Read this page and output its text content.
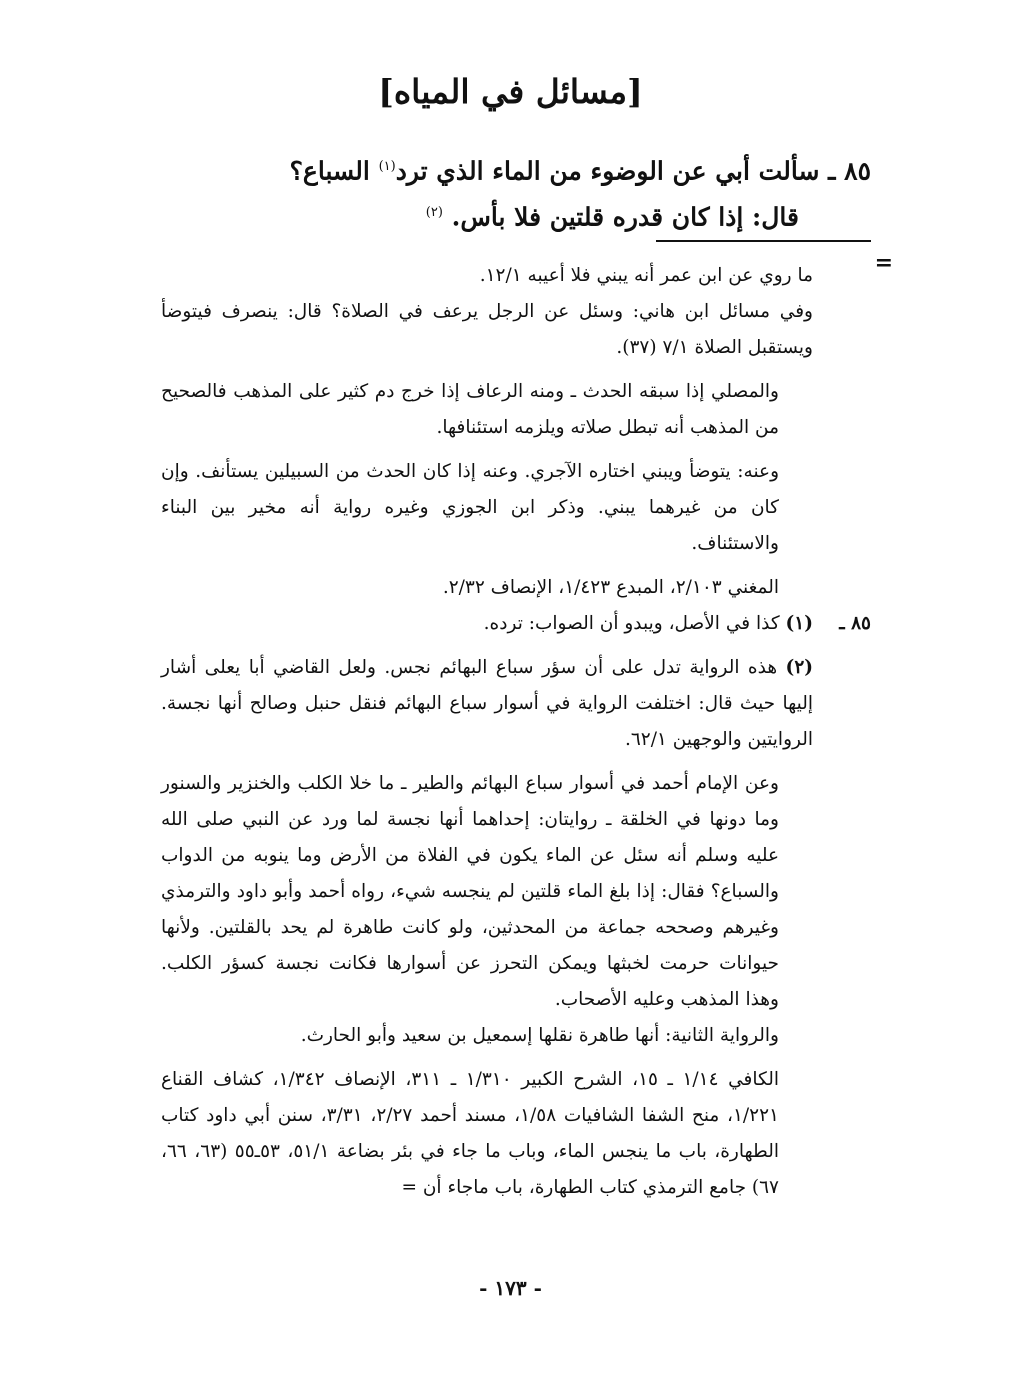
[مسائل في المياه]
٨٥ ـ سألت أبي عن الوضوء من الماء الذي ترد$^{(١)}$ السباع؟
قال: إذا كان قدره قلتين فلا بأس. $^{(٢)}$
=

ما روي عن ابن عمر أنه يبني فلا أعيبه ١٢/١.

وفي مسائل ابن هاني: وسئل عن الرجل يرعف في الصلاة؟ قال: ينصرف فيتوضأ ويستقبل الصلاة ٧/١ (٣٧).

والمصلي إذا سبقه الحدث ـ ومنه الرعاف إذا خرج دم كثير على المذهب فالصحيح من المذهب أنه تبطل صلاته ويلزمه استئنافها.

وعنه: يتوضأ ويبني اختاره الآجري. وعنه إذا كان الحدث من السبيلين يستأنف. وإن كان من غيرهما يبني. وذكر ابن الجوزي وغيره رواية أنه مخير بين البناء والاستئناف.

المغني ٢/١٠٣، المبدع ١/٤٢٣، الإنصاف ٢/٣٢.

٨٥ ـ
(١) كذا في الأصل، ويبدو أن الصواب: ترده.

(٢) هذه الرواية تدل على أن سؤر سباع البهائم نجس. ولعل القاضي أبا يعلى أشار إليها حيث قال: اختلفت الرواية في أسوار سباع البهائم فنقل حنبل وصالح أنها نجسة. الروايتين والوجهين ٦٢/١.

وعن الإمام أحمد في أسوار سباع البهائم والطير ـ ما خلا الكلب والخنزير والسنور وما دونها في الخلقة ـ روايتان: إحداهما أنها نجسة لما ورد عن النبي صلى الله عليه وسلم أنه سئل عن الماء يكون في الفلاة من الأرض وما ينوبه من الدواب والسباع؟ فقال: إذا بلغ الماء قلتين لم ينجسه شيء، رواه أحمد وأبو داود والترمذي وغيرهم وصححه جماعة من المحدثين، ولو كانت طاهرة لم يحد بالقلتين. ولأنها حيوانات حرمت لخبثها ويمكن التحرز عن أسوارها فكانت نجسة كسؤر الكلب. وهذا المذهب وعليه الأصحاب.

والرواية الثانية: أنها طاهرة نقلها إسمعيل بن سعيد وأبو الحارث.

الكافي ١/١٤ ـ ١٥، الشرح الكبير ١/٣١٠ ـ ٣١١، الإنصاف ١/٣٤٢، كشاف القناع ١/٢٢١، منح الشفا الشافيات ١/٥٨، مسند أحمد ٢/٢٧، ٣/٣١، سنن أبي داود كتاب الطهارة، باب ما ينجس الماء، وباب ما جاء في بئر بضاعة ٥١/١، ٥٣ـ٥٥ (٦٣، ٦٦، ٦٧) جامع الترمذي كتاب الطهارة، باب ماجاء أن =

- ١٧٣ -
